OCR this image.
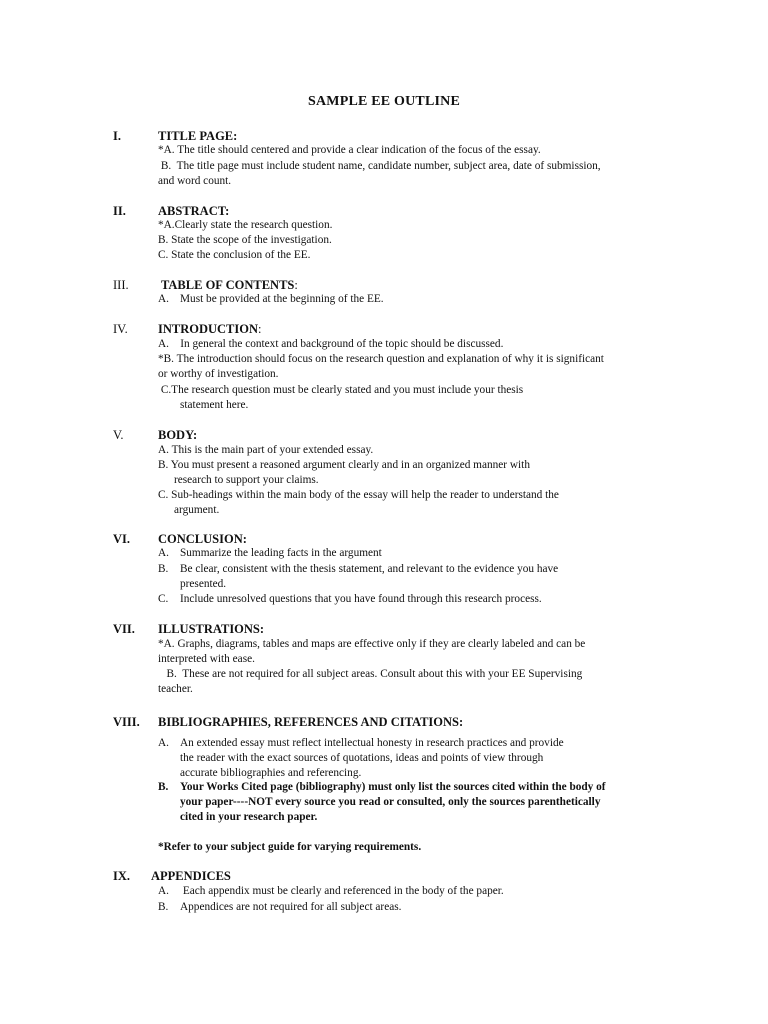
SAMPLE EE OUTLINE
I.	TITLE PAGE:
*A. The title should centered and provide a clear indication of the focus of the essay.
B.  The title page must include student name, candidate number, subject area, date of submission,
and word count.
II.	ABSTRACT:
*A.Clearly state the research question.
B. State the scope of the investigation.
C. State the conclusion of the EE.
III.	TABLE OF CONTENTS:
A. Must be provided at the beginning of the EE.
IV. INTRODUCTION:
A.    In general the context and background of the topic should be discussed.
*B. The introduction should focus on the research question and explanation of why it is significant
or worthy of investigation.
C.The research question must be clearly stated and you must include your thesis
statement here.
V.	BODY:
A. This is the main part of your extended essay.
B. You must present a reasoned argument clearly and in an organized manner with
research to support your claims.
C. Sub-headings within the main body of the essay will help the reader to understand the
argument.
VI. CONCLUSION:
A. Summarize the leading facts in the argument
B. Be clear, consistent with the thesis statement, and relevant to the evidence you have
presented.
C. Include unresolved questions that you have found through this research process.
VII. ILLUSTRATIONS:
*A. Graphs, diagrams, tables and maps are effective only if they are clearly labeled and can be
interpreted with ease.
B.  These are not required for all subject areas. Consult about this with your EE Supervising
teacher.
VIII. BIBLIOGRAPHIES, REFERENCES AND CITATIONS:
A. An extended essay must reflect intellectual honesty in research practices and provide
the reader with the exact sources of quotations, ideas and points of view through
accurate bibliographies and referencing.
B. Your Works Cited page (bibliography) must only list the sources cited within the body of
your paper----NOT every source you read or consulted, only the sources parenthetically
cited in your research paper.
*Refer to your subject guide for varying requirements.
IX. APPENDICES
A. Each appendix must be clearly and referenced in the body of the paper.
B. Appendices are not required for all subject areas.
